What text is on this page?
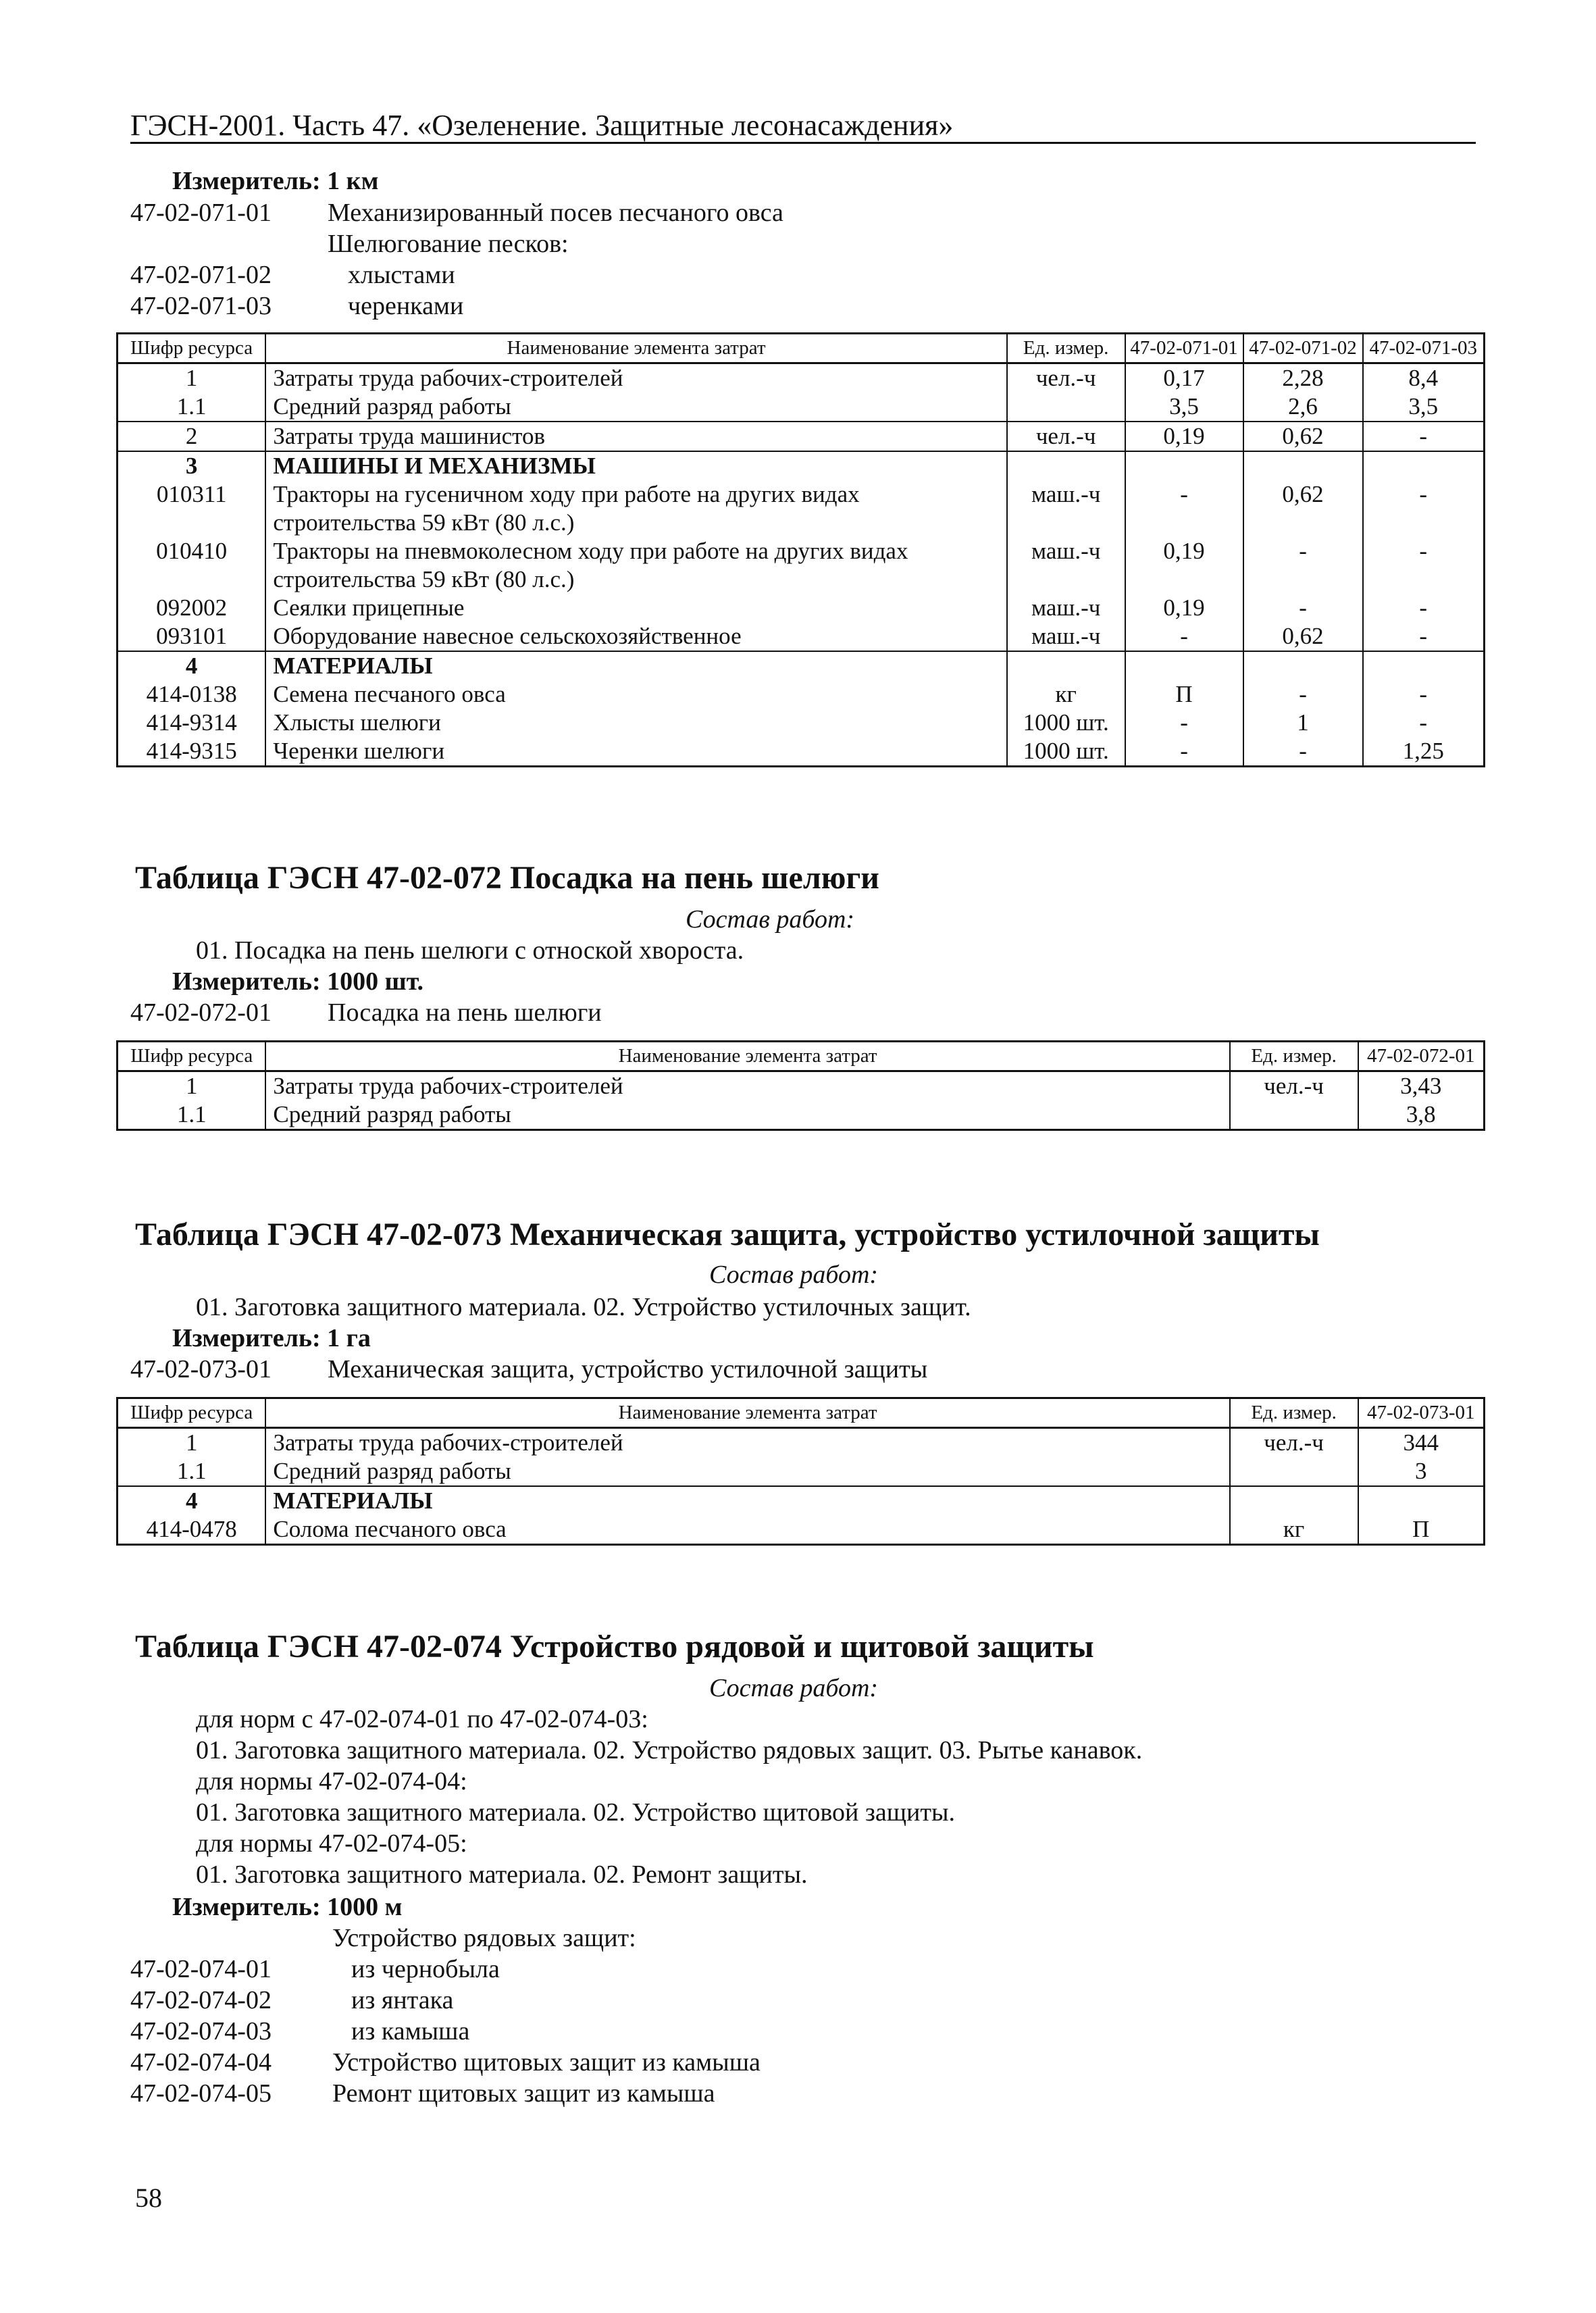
ГЭСН-2001. Часть 47. «Озеленение. Защитные лесонасаждения»
Измеритель: 1 км
47-02-071-01 Механизированный посев песчаного овса
Шелюгование песков:
47-02-071-02	хлыстами
47-02-071-03	черенками
Шифр ресурса	Наименование элемента затрат	Ед. измер.	47-02-071-01	47-02-071-02	47-02-071-03
1	Затраты труда рабочих-строителей	чел.-ч	0,17	2,28	8,4
1.1	Средний разряд работы		3,5	2,6	3,5
2	Затраты труда машинистов	чел.-ч	0,19	0,62	-
3	МАШИНЫ И МЕХАНИЗМЫ				
010311	Тракторы на гусеничном ходу при работе на других видах строительства 59 кВт (80 л.с.)	маш.-ч	-	0,62	-
010410	Тракторы на пневмоколесном ходу при работе на других видах строительства 59 кВт (80 л.с.)	маш.-ч	0,19	-	-
092002	Сеялки прицепные	маш.-ч	0,19	-	-
093101	Оборудование навесное сельскохозяйственное	маш.-ч	-	0,62	-
4	МАТЕРИАЛЫ				
414-0138	Семена песчаного овса	кг	П	-	-
414-9314	Хлысты шелюги	1000 шт.	-	1	-
414-9315	Черенки шелюги	1000 шт.	-	-	1,25
Таблица ГЭСН 47-02-072 Посадка на пень шелюги
Состав работ:
01. Посадка на пень шелюги с отноской хвороста.
Измеритель: 1000 шт.
47-02-072-01 Посадка на пень шелюги
Шифр ресурса	Наименование элемента затрат	Ед. измер.	47-02-072-01
1	Затраты труда рабочих-строителей	чел.-ч	3,43
1.1	Средний разряд работы		3,8
Таблица ГЭСН 47-02-073 Механическая защита, устройство устилочной защиты
Состав работ:
01. Заготовка защитного материала. 02. Устройство устилочных защит.
Измеритель: 1 га
47-02-073-01 Механическая защита, устройство устилочной защиты
Шифр ресурса	Наименование элемента затрат	Ед. измер.	47-02-073-01
1	Затраты труда рабочих-строителей	чел.-ч	344
1.1	Средний разряд работы		3
4	МАТЕРИАЛЫ		
414-0478	Солома песчаного овса	кг	П
Таблица ГЭСН 47-02-074 Устройство рядовой и щитовой защиты
Состав работ:
для норм с 47-02-074-01 по 47-02-074-03:
01. Заготовка защитного материала. 02. Устройство рядовых защит. 03. Рытье канавок.
для нормы 47-02-074-04:
01. Заготовка защитного материала. 02. Устройство щитовой защиты.
для нормы 47-02-074-05:
01. Заготовка защитного материала. 02. Ремонт защиты.
Измеритель: 1000 м
Устройство рядовых защит:
47-02-074-01	из чернобыла
47-02-074-02	из янтака
47-02-074-03	из камыша
47-02-074-04 Устройство щитовых защит из камыша
47-02-074-05 Ремонт щитовых защит из камыша
58
